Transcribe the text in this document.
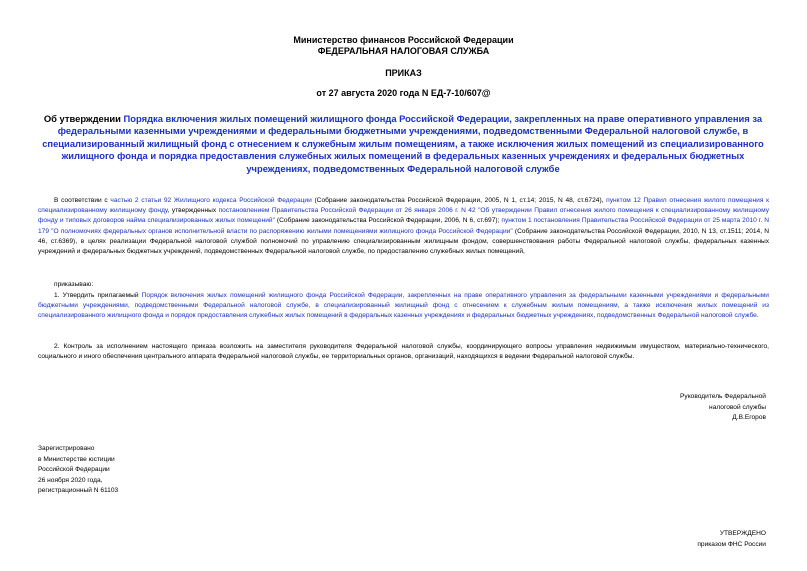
Министерство финансов Российской Федерации
ФЕДЕРАЛЬНАЯ НАЛОГОВАЯ СЛУЖБА
ПРИКАЗ
от 27 августа 2020 года N ЕД-7-10/607@
Об утверждении Порядка включения жилых помещений жилищного фонда Российской Федерации, закрепленных на праве оперативного управления за федеральными казенными учреждениями и федеральными бюджетными учреждениями, подведомственными Федеральной налоговой службе, в специализированный жилищный фонд с отнесением к служебным жилым помещениям, а также исключения жилых помещений из специализированного жилищного фонда и порядка предоставления служебных жилых помещений в федеральных казенных учреждениях и федеральных бюджетных учреждениях, подведомственных Федеральной налоговой службе
В соответствии с частью 2 статьи 92 Жилищного кодекса Российской Федерации (Собрание законодательства Российской Федерации, 2005, N 1, ст.14; 2015, N 48, ст.6724), пунктом 12 Правил отнесения жилого помещения к специализированному жилищному фонду, утвержденных постановлением Правительства Российской Федерации от 26 января 2006 г. N 42 "Об утверждении Правил отнесения жилого помещения к специализированному жилищному фонду и типовых договоров найма специализированных жилых помещений" (Собрание законодательства Российской Федерации, 2006, N 6, ст.697); пунктом 1 постановления Правительства Российской Федерации от 25 марта 2010 г. N 179 "О полномочиях федеральных органов исполнительной власти по распоряжению жилыми помещениями жилищного фонда Российской Федерации" (Собрание законодательства Российской Федерации, 2010, N 13, ст.1511; 2014, N 46, ст.6369), в целях реализации Федеральной налоговой службой полномочий по управлению специализированным жилищным фондом, совершенствования работы Федеральной налоговой службы, федеральных казенных учреждений и федеральных бюджетных учреждений, подведомственных Федеральной налоговой службе, по предоставлению служебных жилых помещений,
приказываю:
1. Утвердить прилагаемый Порядок включения жилых помещений жилищного фонда Российской Федерации, закрепленных на праве оперативного управления за федеральными казенными учреждениями и федеральными бюджетными учреждениями, подведомственными Федеральной налоговой службе, в специализированный жилищный фонд с отнесением к служебным жилым помещениям, а также исключения жилых помещений из специализированного жилищного фонда и порядок предоставления служебных жилых помещений в федеральных казенных учреждениях и федеральных бюджетных учреждениях, подведомственных Федеральной налоговой службе.
2. Контроль за исполнением настоящего приказа возложить на заместителя руководителя Федеральной налоговой службы, координирующего вопросы управления недвижимым имуществом, материально-технического, социального и иного обеспечения центрального аппарата Федеральной налоговой службы, ее территориальных органов, организаций, находящихся в ведении Федеральной налоговой службы.
Руководитель Федеральной
налоговой службы
Д.В.Егоров
Зарегистрировано
в Министерстве юстиции
Российской Федерации
26 ноября 2020 года,
регистрационный N 61103
УТВЕРЖДЕНО
приказом ФНС России
